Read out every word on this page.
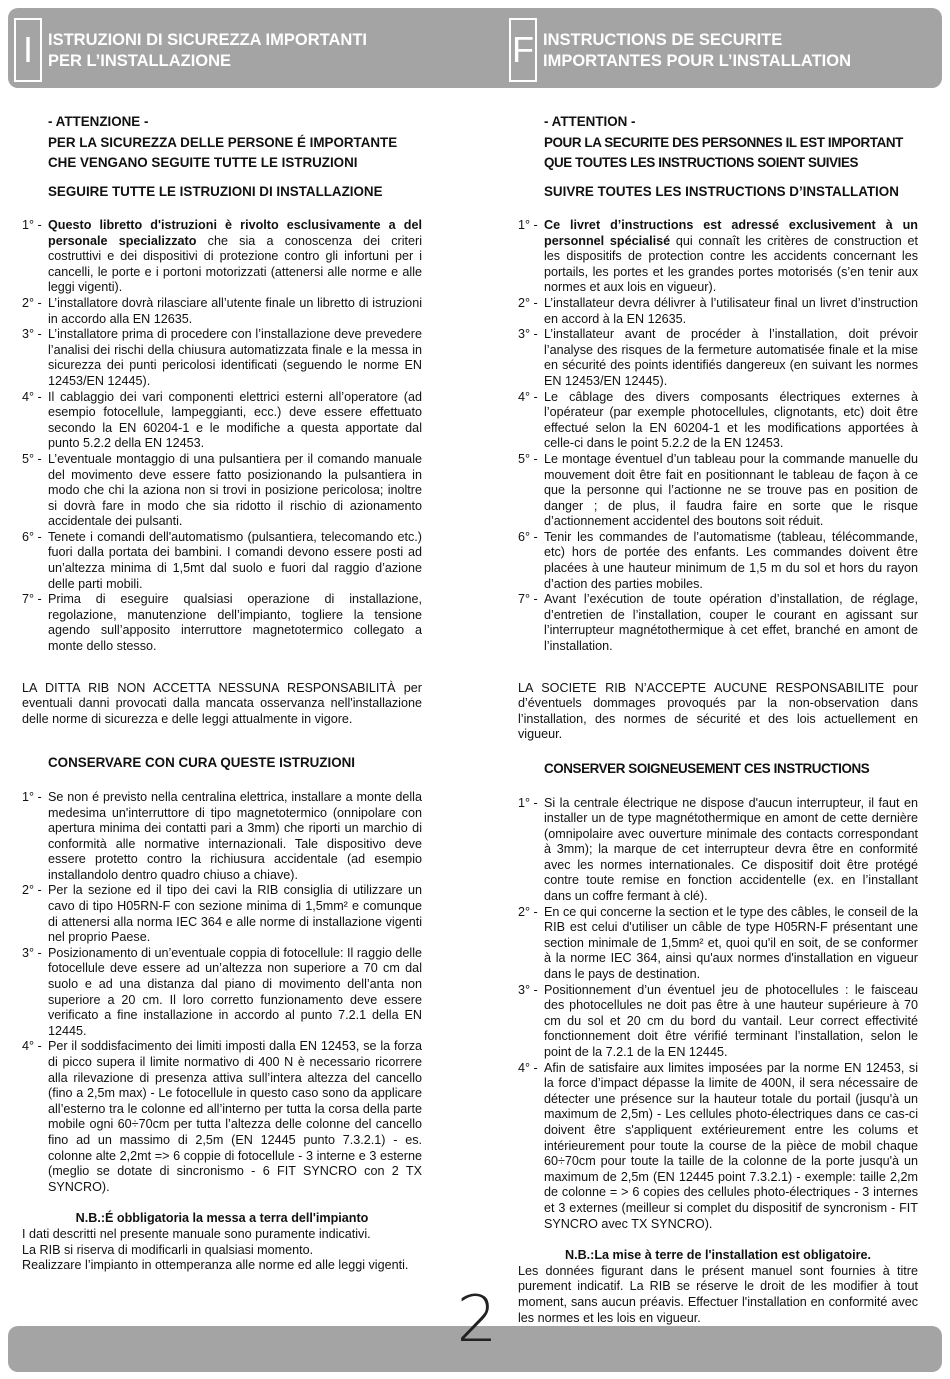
I ISTRUZIONI DI SICUREZZA IMPORTANTI
PER L’INSTALLAZIONE	F INSTRUCTIONS DE SECURITE
IMPORTANTES POUR L’INSTALLATION
- ATTENZIONE -
PER LA SICUREZZA DELLE PERSONE É IMPORTANTE
CHE VENGANO SEGUITE TUTTE LE ISTRUZIONI
SEGUIRE TUTTE LE ISTRUZIONI DI INSTALLAZIONE
1° - Questo libretto d'istruzioni è rivolto esclusivamente a del personale specializzato che sia a conoscenza dei criteri costruttivi e dei dispositivi di protezione contro gli infortuni per i cancelli, le porte e i portoni motorizzati (attenersi alle norme e alle leggi vigenti).
2° - L’installatore dovrà rilasciare all’utente finale un libretto di istruzioni in accordo alla EN 12635.
3° - L’installatore prima di procedere con l’installazione deve prevedere l’analisi dei rischi della chiusura automatizzata finale e la messa in sicurezza dei punti pericolosi identificati (seguendo le norme EN 12453/EN 12445).
4° - Il cablaggio dei vari componenti elettrici esterni all’operatore (ad esempio fotocellule, lampeggianti, ecc.) deve essere effettuato secondo la EN 60204-1 e le modifiche a questa apportate dal punto 5.2.2 della EN 12453.
5° - L’eventuale montaggio di una pulsantiera per il comando manuale del movimento deve essere fatto posizionando la pulsantiera in modo che chi la aziona non si trovi in posizione pericolosa; inoltre si dovrà fare in modo che sia ridotto il rischio di azionamento accidentale dei pulsanti.
6° - Tenete i comandi dell'automatismo (pulsantiera, telecomando etc.) fuori dalla portata dei bambini. I comandi devono essere posti ad un’altezza minima di 1,5mt dal suolo e fuori dal raggio d’azione delle parti mobili.
7° - Prima di eseguire qualsiasi operazione di installazione, regolazione, manutenzione dell’impianto, togliere la tensione agendo sull’apposito interruttore magnetotermico collegato a monte dello stesso.
LA DITTA RIB NON ACCETTA NESSUNA RESPONSABILITÀ per eventuali danni provocati dalla mancata osservanza nell'installazione delle norme di sicurezza e delle leggi attualmente in vigore.
CONSERVARE CON CURA QUESTE ISTRUZIONI
1° - Se non é previsto nella centralina elettrica, installare a monte della medesima un'interruttore di tipo magnetotermico (onnipolare con apertura minima dei contatti pari a 3mm) che riporti un marchio di conformità alle normative internazionali. Tale dispositivo deve essere protetto contro la richiusura accidentale (ad esempio installandolo dentro quadro chiuso a chiave).
2° - Per la sezione ed il tipo dei cavi la RIB consiglia di utilizzare un cavo di tipo H05RN-F con sezione minima di 1,5mm² e comunque di attenersi alla norma IEC 364 e alle norme di installazione vigenti nel proprio Paese.
3° - Posizionamento di un’eventuale coppia di fotocellule: Il raggio delle fotocellule deve essere ad un’altezza non superiore a 70 cm dal suolo e ad una distanza dal piano di movimento dell’anta non superiore a 20 cm. Il loro corretto funzionamento deve essere verificato a fine installazione in accordo al punto 7.2.1 della EN 12445.
4° - Per il soddisfacimento dei limiti imposti dalla EN 12453, se la forza di picco supera il limite normativo di 400 N è necessario ricorrere alla rilevazione di presenza attiva sull’intera altezza del cancello (fino a 2,5m max) - Le fotocellule in questo caso sono da applicare all’esterno tra le colonne ed all’interno per tutta la corsa della parte mobile ogni 60÷70cm per tutta l’altezza delle colonne del cancello fino ad un massimo di 2,5m (EN 12445 punto 7.3.2.1) - es. colonne alte 2,2mt => 6 coppie di fotocellule - 3 interne e 3 esterne (meglio se dotate di sincronismo - 6 FIT SYNCRO con 2 TX SYNCRO).

N.B.:É obbligatoria la messa a terra dell'impianto

I dati descritti nel presente manuale sono puramente indicativi.

La RIB si riserva di modificarli in qualsiasi momento.

Realizzare l’impianto in ottemperanza alle norme ed alle leggi vigenti.

- ATTENTION -
POUR LA SECURITE DES PERSONNES IL EST IMPORTANT
QUE TOUTES LES INSTRUCTIONS SOIENT SUIVIES
SUIVRE TOUTES LES INSTRUCTIONS D’INSTALLATION
1° - Ce livret d’instructions est adressé exclusivement à un personnel spécialisé qui connaît les critères de construction et les dispositifs de protection contre les accidents concernant les portails, les portes et les grandes portes motorisés (s’en tenir aux normes et aux lois en vigueur).
2° - L’installateur devra délivrer à l’utilisateur final un livret d’instruction en accord à la EN 12635.
3° - L’installateur avant de procéder à l’installation, doit prévoir l’analyse des risques de la fermeture automatisée finale et la mise en sécurité des points identifiés dangereux (en suivant les normes EN 12453/EN 12445).
4° - Le câblage des divers composants électriques externes à l’opérateur (par exemple photocellules, clignotants, etc) doit être effectué selon la EN 60204-1 et les modifications apportées à celle-ci dans le point 5.2.2 de la EN 12453.
5° - Le montage éventuel d’un tableau pour la commande manuelle du mouvement doit être fait en positionnant le tableau de façon à ce que la personne qui l’actionne ne se trouve pas en position de danger ; de plus, il faudra faire en sorte que le risque d’actionnement accidentel des boutons soit réduit.
6° - Tenir les commandes de l’automatisme (tableau, télécommande, etc) hors de portée des enfants. Les commandes doivent être placées à une hauteur minimum de 1,5 m du sol et hors du rayon d’action des parties mobiles.
7° - Avant l’exécution de toute opération d’installation, de réglage, d’entretien de l’installation, couper le courant en agissant sur l’interrupteur magnétothermique à cet effet, branché en amont de l’installation.
LA SOCIETE RIB N’ACCEPTE AUCUNE RESPONSABILITE pour d’éventuels dommages provoqués par la non-observation dans l’installation, des normes de sécurité et des lois actuellement en vigueur.
CONSERVER SOIGNEUSEMENT CES INSTRUCTIONS
1° - Si la centrale électrique ne dispose d'aucun interrupteur, il faut en installer un de type magnétothermique en amont de cette dernière (omnipolaire avec ouverture minimale des contacts correspondant à 3mm); la marque de cet interrupteur devra être en conformité avec les normes internationales. Ce dispositif doit être protégé contre toute remise en fonction accidentelle (ex. en l’installant dans un coffre fermant à clé).
2° - En ce qui concerne la section et le type des câbles, le conseil de la RIB est celui d'utiliser un câble de type H05RN-F présentant une section minimale de 1,5mm² et, quoi qu'il en soit, de se conformer à la norme IEC 364, ainsi qu'aux normes d'installation en vigueur dans le pays de destination.
3° - Positionnement d’un éventuel jeu de photocellules : le faisceau des photocellules ne doit pas être à une hauteur supérieure à 70 cm du sol et 20 cm du bord du vantail. Leur correct effectivité fonctionnement doit être vérifié terminant l’installation, selon le point de la 7.2.1 de la EN 12445.
4° - Afin de satisfaire aux limites imposées par la norme EN 12453, si la force d’impact dépasse la limite de 400N, il sera nécessaire de détecter une présence sur la hauteur totale du portail (jusqu'à un maximum de 2,5m) - Les cellules photo-électriques dans ce cas-ci doivent être s'appliquent extérieurement entre les colums et intérieurement pour toute la course de la pièce de mobil chaque 60÷70cm pour toute la taille de la colonne de la porte jusqu'à un maximum de 2,5m (EN 12445 point 7.3.2.1) - exemple: taille 2,2m de colonne = > 6 copies des cellules photo-électriques - 3 internes et 3 externes (meilleur si complet du dispositif de syncronism - FIT SYNCRO avec TX SYNCRO).

N.B.:La mise à terre de l'installation est obligatoire.

Les données figurant dans le présent manuel sont fournies à titre purement indicatif. La RIB se réserve le droit de les modifier à tout moment, sans aucun préavis. Effectuer l'installation en conformité avec les normes et les lois en vigueur.

2
